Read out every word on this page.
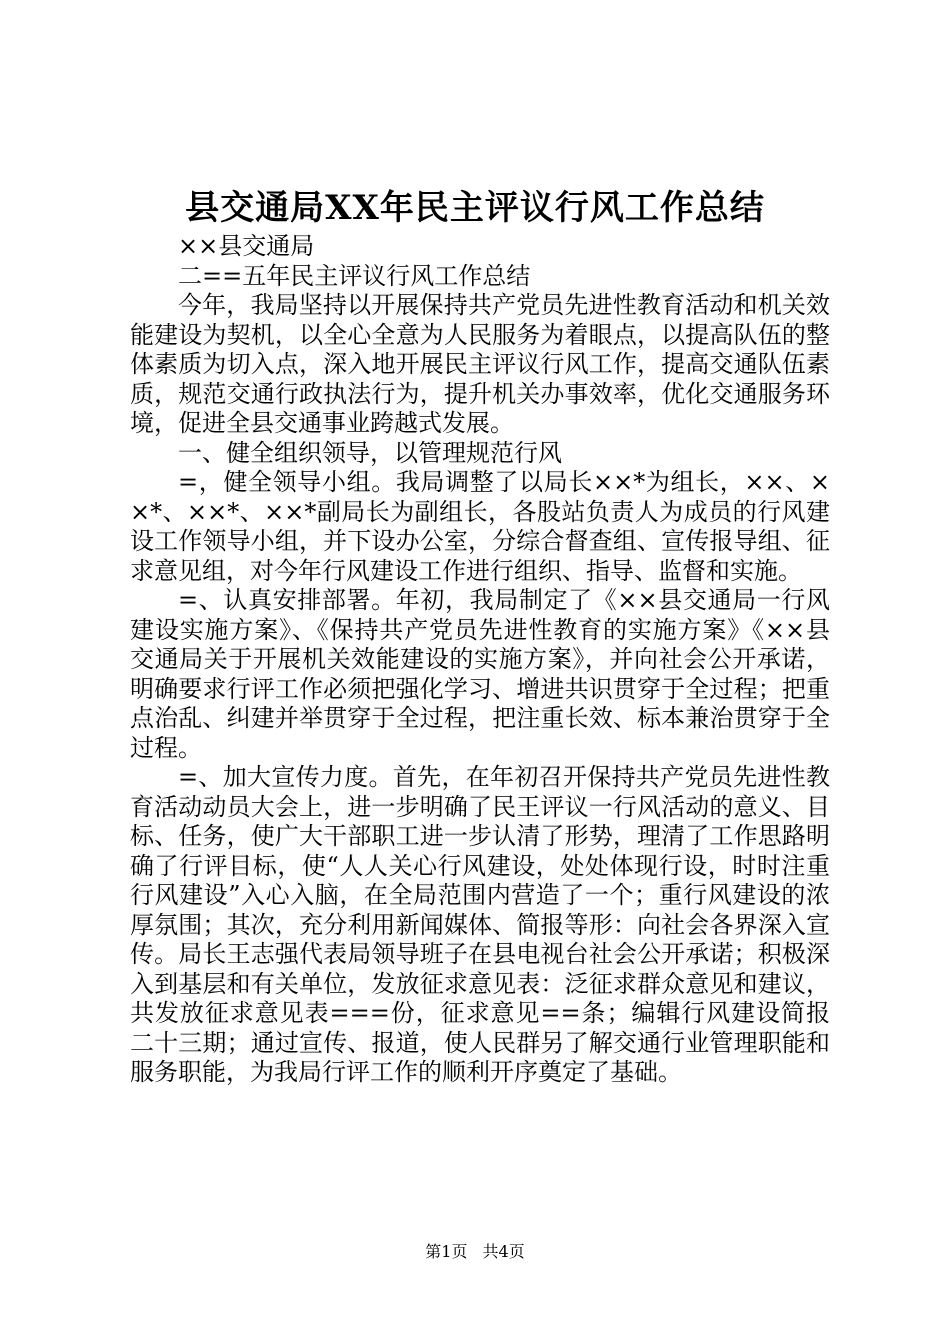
县交通局XX年民主评议行风工作总结

××县交通局

二==五年民主评议行风工作总结

今年，我局坚持以开展保持共产党员先进性教育活动和机关效能建设为契机，以全心全意为人民服务为着眼点，以提高队伍的整体素质为切入点，深入地开展民主评议行风工作，提高交通队伍素质，规范交通行政执法行为，提升机关办事效率，优化交通服务环境，促进全县交通事业跨越式发展。

一、健全组织领导，以管理规范行风

=，健全领导小组。我局调整了以局长××*为组长，××、××*、××*、××*副局长为副组长，各股站负责人为成员的行风建设工作领导小组，并下设办公室，分综合督查组、宣传报导组、征求意见组，对今年行风建设工作进行组织、指导、监督和实施。

=、认真安排部署。年初，我局制定了《××县交通局一行风建设实施方案》、《保持共产党员先进性教育的实施方案》《××县交通局关于开展机关效能建设的实施方案》，并向社会公开承诺，明确要求行评工作必须把强化学习、增进共识贯穿于全过程；把重点治乱、纠建并举贯穿于全过程，把注重长效、标本兼治贯穿于全过程。

=、加大宣传力度。首先，在年初召开保持共产党员先进性教育活动动员大会上，进一步明确了民王评议一行风活动的意义、目标、任务，使广大干部职工进一步认清了形势，理清了工作思路明确了行评目标，使“人人关心行风建设，处处体现行设，时时注重行风建设”入心入脑，在全局范围内营造了一个；重行风建设的浓厚氛围；其次，充分利用新闻媒体、简报等形：向社会各界深入宣传。局长王志强代表局领导班子在县电视台社会公开承诺；积极深入到基层和有关单位，发放征求意见表：泛征求群众意见和建议，共发放征求意见表===份，征求意见==条；编辑行风建设简报二十三期；通过宣传、报道，使人民群另了解交通行业管理职能和服务职能，为我局行评工作的顺利开序奠定了基础。

第1页 共4页
